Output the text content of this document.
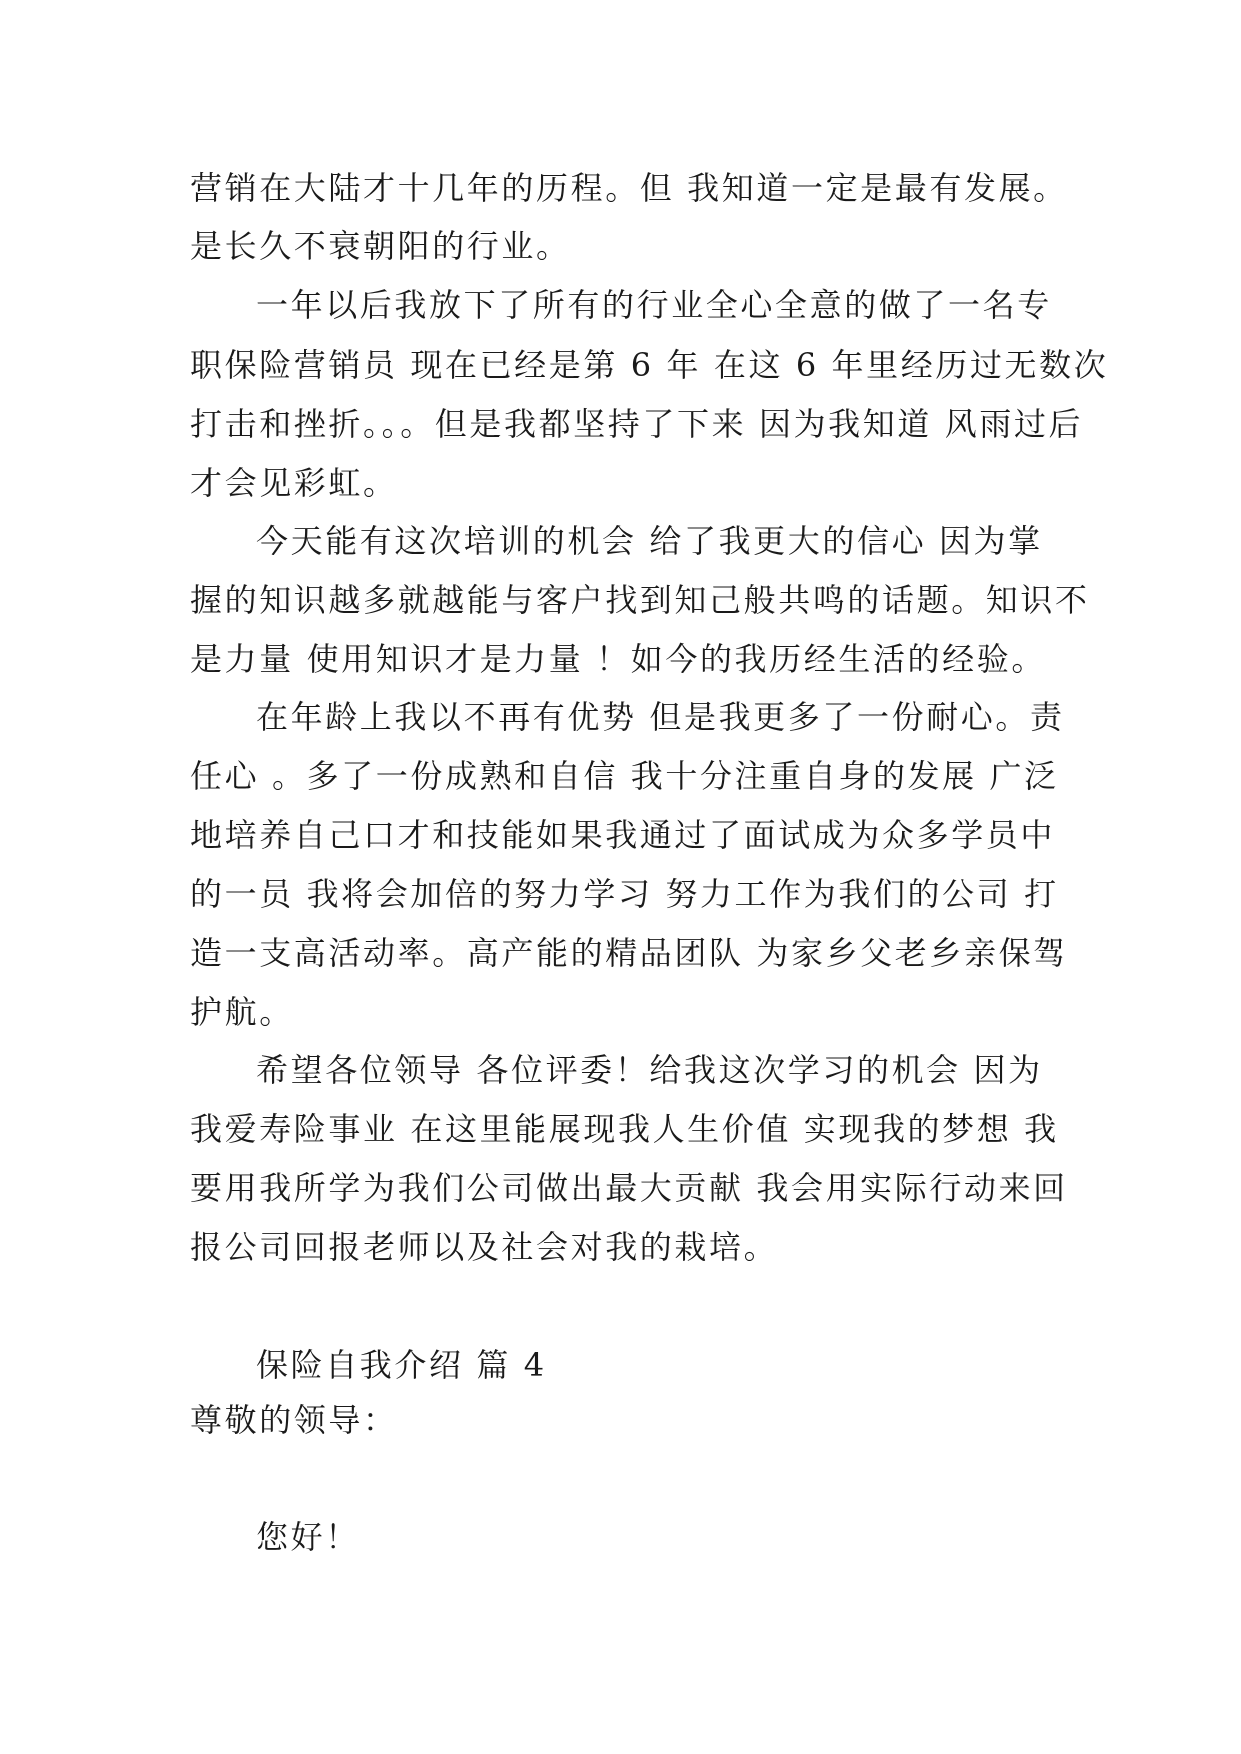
营销在大陆才十几年的历程。但 我知道一定是最有发展。
是长久不衰朝阳的行业。
一年以后我放下了所有的行业全心全意的做了一名专
职保险营销员 现在已经是第 6 年 在这 6 年里经历过无数次
打击和挫折。。。但是我都坚持了下来 因为我知道 风雨过后
才会见彩虹。
今天能有这次培训的机会 给了我更大的信心 因为掌
握的知识越多就越能与客户找到知己般共鸣的话题。知识不
是力量 使用知识才是力量 ！如今的我历经生活的经验。
在年龄上我以不再有优势 但是我更多了一份耐心。责
任心 。多了一份成熟和自信 我十分注重自身的发展 广泛
地培养自己口才和技能如果我通过了面试成为众多学员中
的一员 我将会加倍的努力学习 努力工作为我们的公司 打
造一支高活动率。高产能的精品团队 为家乡父老乡亲保驾
护航。
希望各位领导 各位评委！给我这次学习的机会 因为
我爱寿险事业 在这里能展现我人生价值 实现我的梦想 我
要用我所学为我们公司做出最大贡献 我会用实际行动来回
报公司回报老师以及社会对我的栽培。
保险自我介绍 篇 4
尊敬的领导：
您好！
